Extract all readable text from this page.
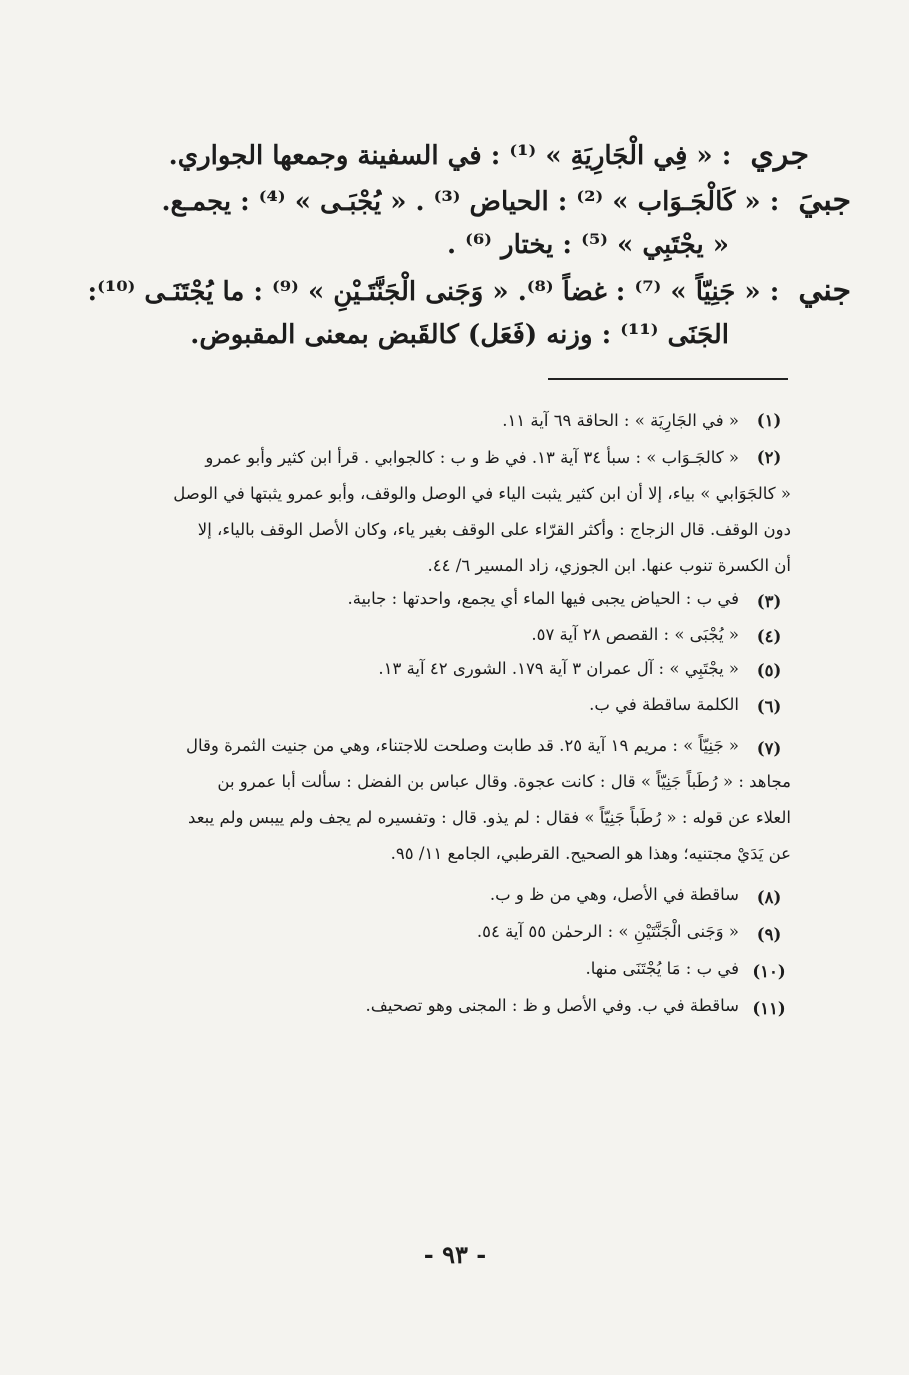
جري : « فِي الْجَارِيَةِ » ⁽¹⁾ : في السفينة وجمعها الجواري.
جبيَ : « كَالْجَـوَاب » ⁽²⁾ : الحياض ⁽³⁾ . « يُجْبَـى » ⁽⁴⁾ : يجمـع.
« يجْتَبِي » ⁽⁵⁾ : يختار ⁽⁶⁾ .
جني : « جَنِيّاً » ⁽⁷⁾ : غضاً ⁽⁸⁾. « وَجَنى الْجَنَّتَـيْنِ » ⁽⁹⁾ : ما يُجْتَنَـى ⁽¹⁰⁾:
الجَنَى ⁽¹¹⁾ : وزنه (فَعَل) كالقَبض بمعنى المقبوض.
(١)
« في الجَارِيَة » : الحاقة ٦٩ آية ١١.
(٢)
« كالجَـوَاب » : سبأ ٣٤ آية ١٣. في ظ و ب : كالجوابي . قرأ ابن كثير وأبو عمرو
« كالجَوَابي » بياء، إلا أن ابن كثير يثبت الياء في الوصل والوقف، وأبو عمرو يثبتها في الوصل
دون الوقف. قال الزجاج : وأكثر القرّاء على الوقف بغير ياء، وكان الأصل الوقف بالياء، إلا
أن الكسرة تنوب عنها. ابن الجوزي، زاد المسير ٦/ ٤٤.
(٣)
في ب : الحياض يجبى فيها الماء أي يجمع، واحدتها : جابية.
(٤)
« يُجْبَى » : القصص ٢٨ آية ٥٧.
(٥)
« يجْتَبِي » : آل عمران ٣ آية ١٧٩. الشورى ٤٢ آية ١٣.
(٦)
الكلمة ساقطة في ب.
(٧)
« جَنِيّاً » : مريم ١٩ آية ٢٥. قد طابت وصلحت للاجتناء، وهي من جنيت الثمرة وقال
مجاهد : « رُطَباً جَنِيّاً » قال : كانت عجوة. وقال عباس بن الفضل : سألت أبا عمرو بن
العلاء عن قوله : « رُطَباً جَنِيّاً » فقال : لم يذو. قال : وتفسيره لم يجف ولم ييبس ولم يبعد
عن يَدَيْ مجتنيه؛ وهذا هو الصحيح. القرطبي، الجامع ١١/ ٩٥.
(٨)
ساقطة في الأصل، وهي من ظ و ب.
(٩)
« وَجَنى الْجَنَّتَيْنِ » : الرحمٰن ٥٥ آية ٥٤.
(١٠)
في ب : مَا يُجْتَنَى منها.
(١١)
ساقطة في ب. وفي الأصل و ظ : المجنى وهو تصحيف.
- ٩٣ -
